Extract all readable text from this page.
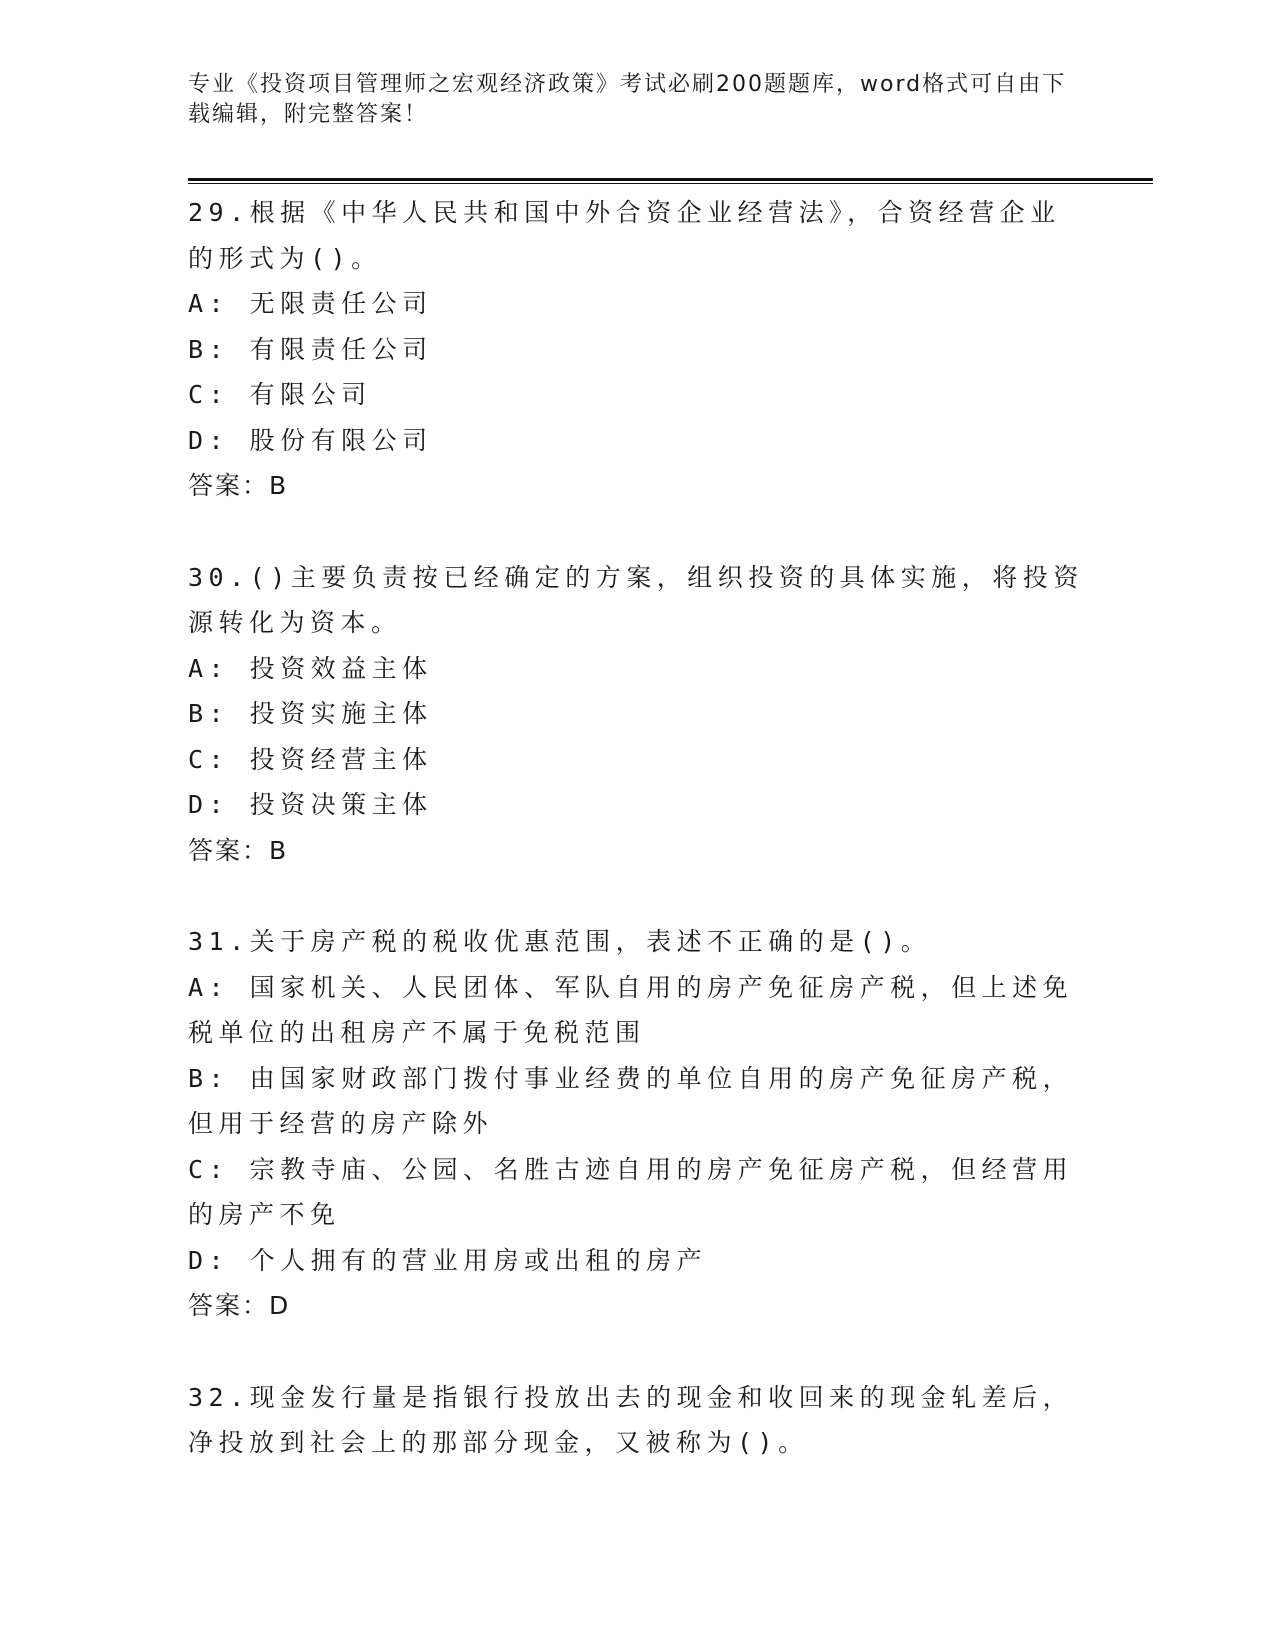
专业《投资项目管理师之宏观经济政策》考试必刷200题题库，word格式可自由下载编辑，附完整答案！

29.根据《中华人民共和国中外合资企业经营法》，合资经营企业的形式为()。

A: 无限责任公司

B: 有限责任公司

C: 有限公司

D: 股份有限公司

答案：B

30.()主要负责按已经确定的方案，组织投资的具体实施，将投资源转化为资本。

A: 投资效益主体

B: 投资实施主体

C: 投资经营主体

D: 投资决策主体

答案：B

31.关于房产税的税收优惠范围，表述不正确的是()。

A: 国家机关、人民团体、军队自用的房产免征房产税，但上述免税单位的出租房产不属于免税范围

B: 由国家财政部门拨付事业经费的单位自用的房产免征房产税，但用于经营的房产除外

C: 宗教寺庙、公园、名胜古迹自用的房产免征房产税，但经营用的房产不免

D: 个人拥有的营业用房或出租的房产

答案：D

32.现金发行量是指银行投放出去的现金和收回来的现金轧差后，净投放到社会上的那部分现金，又被称为()。
